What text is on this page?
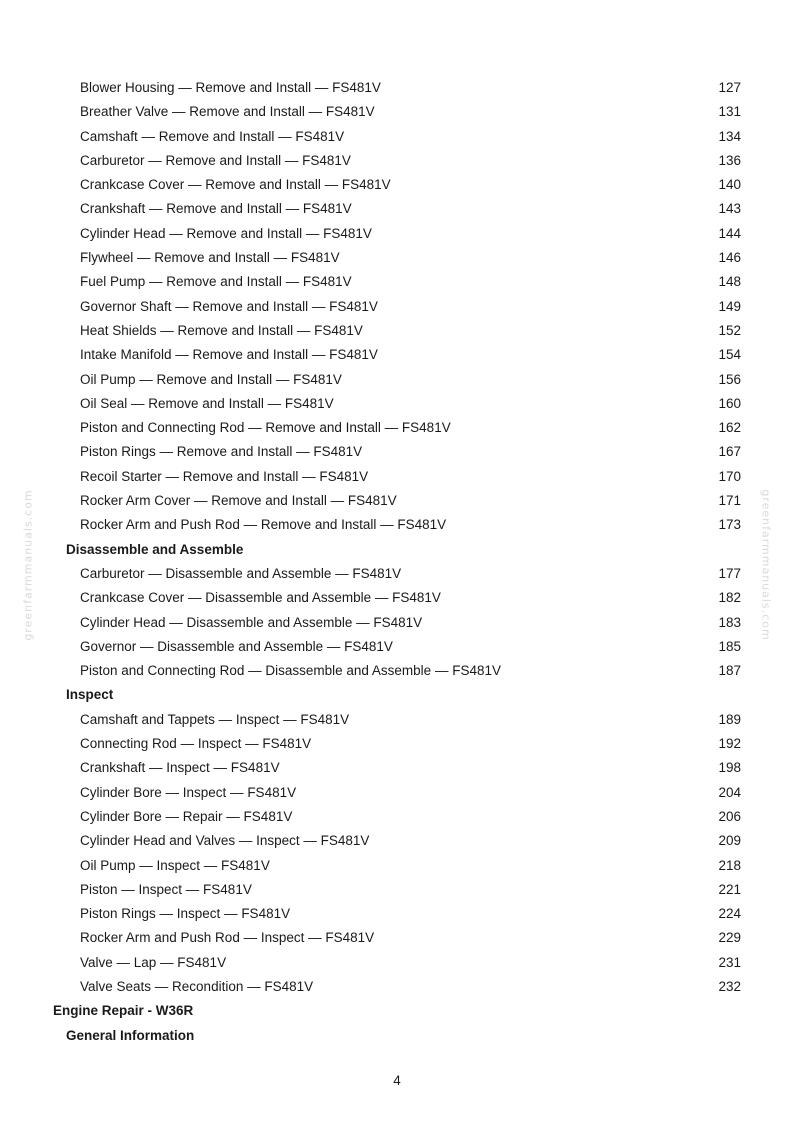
greenfarmmanuals.com	greenfarmmanuals.com
Blower Housing — Remove and Install — FS481V	127
Breather Valve — Remove and Install — FS481V	131
Camshaft — Remove and Install — FS481V	134
Carburetor — Remove and Install — FS481V	136
Crankcase Cover — Remove and Install — FS481V	140
Crankshaft — Remove and Install — FS481V	143
Cylinder Head — Remove and Install — FS481V	144
Flywheel — Remove and Install — FS481V	146
Fuel Pump — Remove and Install — FS481V	148
Governor Shaft — Remove and Install — FS481V	149
Heat Shields — Remove and Install — FS481V	152
Intake Manifold — Remove and Install — FS481V	154
Oil Pump — Remove and Install — FS481V	156
Oil Seal — Remove and Install — FS481V	160
Piston and Connecting Rod — Remove and Install — FS481V	162
Piston Rings — Remove and Install — FS481V	167
Recoil Starter — Remove and Install — FS481V	170
Rocker Arm Cover — Remove and Install — FS481V	171
Rocker Arm and Push Rod — Remove and Install — FS481V	173
Disassemble and Assemble
Carburetor — Disassemble and Assemble — FS481V	177
Crankcase Cover — Disassemble and Assemble — FS481V	182
Cylinder Head — Disassemble and Assemble — FS481V	183
Governor — Disassemble and Assemble — FS481V	185
Piston and Connecting Rod — Disassemble and Assemble — FS481V	187
Inspect
Camshaft and Tappets — Inspect — FS481V	189
Connecting Rod — Inspect — FS481V	192
Crankshaft — Inspect — FS481V	198
Cylinder Bore — Inspect — FS481V	204
Cylinder Bore — Repair — FS481V	206
Cylinder Head and Valves — Inspect — FS481V	209
Oil Pump — Inspect — FS481V	218
Piston — Inspect — FS481V	221
Piston Rings — Inspect — FS481V	224
Rocker Arm and Push Rod — Inspect — FS481V	229
Valve — Lap — FS481V	231
Valve Seats — Recondition — FS481V	232
Engine Repair - W36R
General Information
4
